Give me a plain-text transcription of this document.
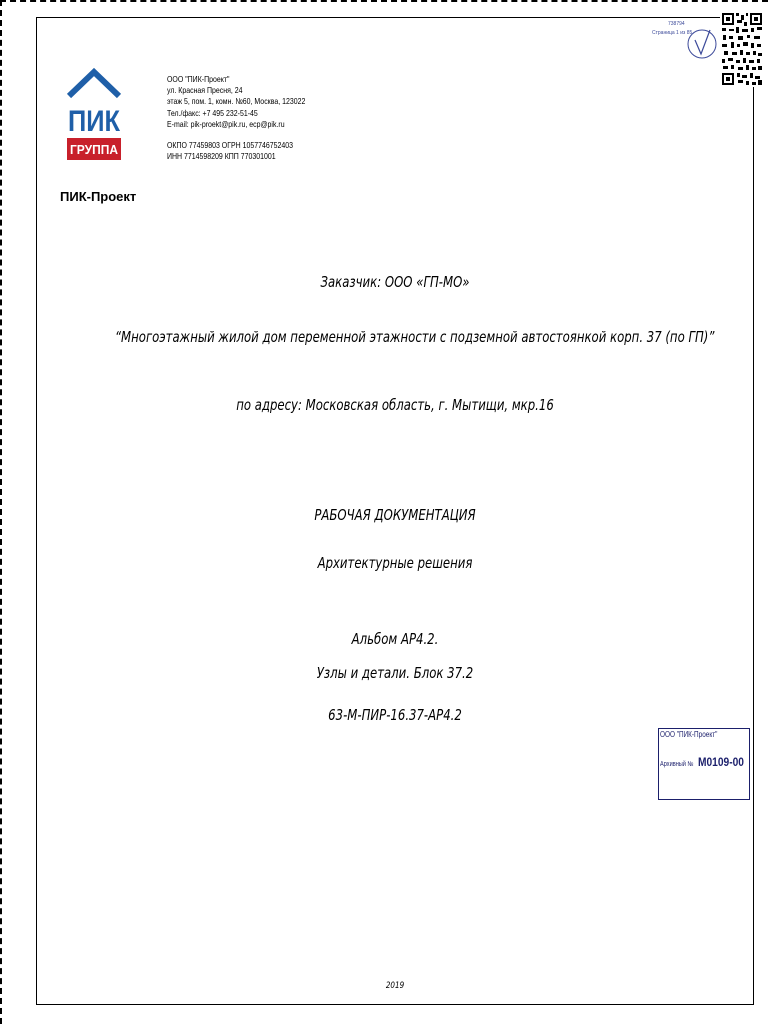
738794
Страница 1 из 85
ПИК
ГРУППА
ПИК-Проект
ООО "ПИК-Проект"
ул. Красная Пресня, 24
этаж 5, пом. 1, комн. №60, Москва, 123022
Тел./факс: +7 495 232-51-45
E-mail: pik-proekt@pik.ru, ecp@pik.ru
ОКПО 77459803 ОГРН 1057746752403
ИНН 7714598209 КПП 770301001
Заказчик: ООО «ГП-МО»
“Многоэтажный жилой дом переменной этажности с подземной автостоянкой корп. 37 (по ГП)”
по адресу: Московская область, г. Мытищи, мкр.16
РАБОЧАЯ ДОКУМЕНТАЦИЯ
Архитектурные решения
Альбом АР4.2.
Узлы и детали. Блок 37.2
63-М-ПИР-16.37-АР4.2
ООО "ПИК-Проект"
Архивный № М0109-00
2019
